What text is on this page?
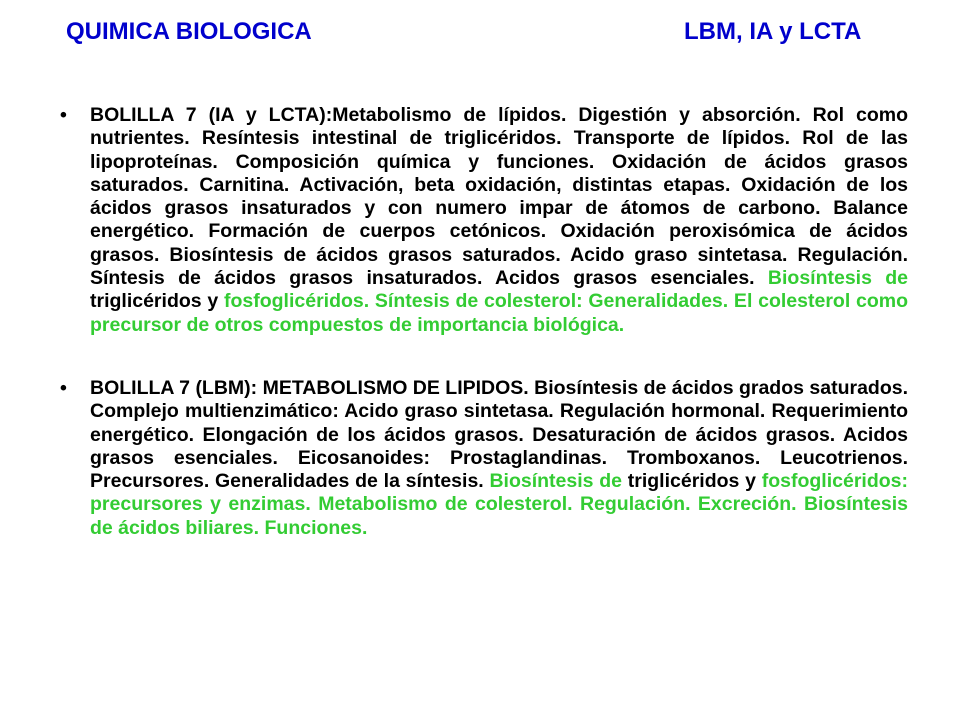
QUIMICA BIOLOGICA	LBM, IA y LCTA
• BOLILLA 7 (IA y LCTA):Metabolismo de lípidos. Digestión y absorción. Rol como nutrientes. Resíntesis intestinal de triglicéridos. Transporte de lípidos. Rol de las lipoproteínas. Composición química y funciones. Oxidación de ácidos grasos saturados. Carnitina. Activación, beta oxidación, distintas etapas. Oxidación de los ácidos grasos insaturados y con numero impar de átomos de carbono. Balance energético. Formación de cuerpos cetónicos. Oxidación peroxisómica de ácidos grasos. Biosíntesis de ácidos grasos saturados. Acido graso sintetasa. Regulación. Síntesis de ácidos grasos insaturados. Acidos grasos esenciales. Biosíntesis de triglicéridos y fosfoglicéridos. Síntesis de colesterol: Generalidades. El colesterol como precursor de otros compuestos de importancia biológica.
• BOLILLA 7 (LBM): METABOLISMO DE LIPIDOS. Biosíntesis de ácidos grados saturados. Complejo multienzimático: Acido graso sintetasa. Regulación hormonal. Requerimiento energético. Elongación de los ácidos grasos. Desaturación de ácidos grasos. Acidos grasos esenciales. Eicosanoides: Prostaglandinas. Tromboxanos. Leucotrienos. Precursores. Generalidades de la síntesis. Biosíntesis de triglicéridos y fosfoglicéridos: precursores y enzimas. Metabolismo de colesterol. Regulación. Excreción. Biosíntesis de ácidos biliares. Funciones.
